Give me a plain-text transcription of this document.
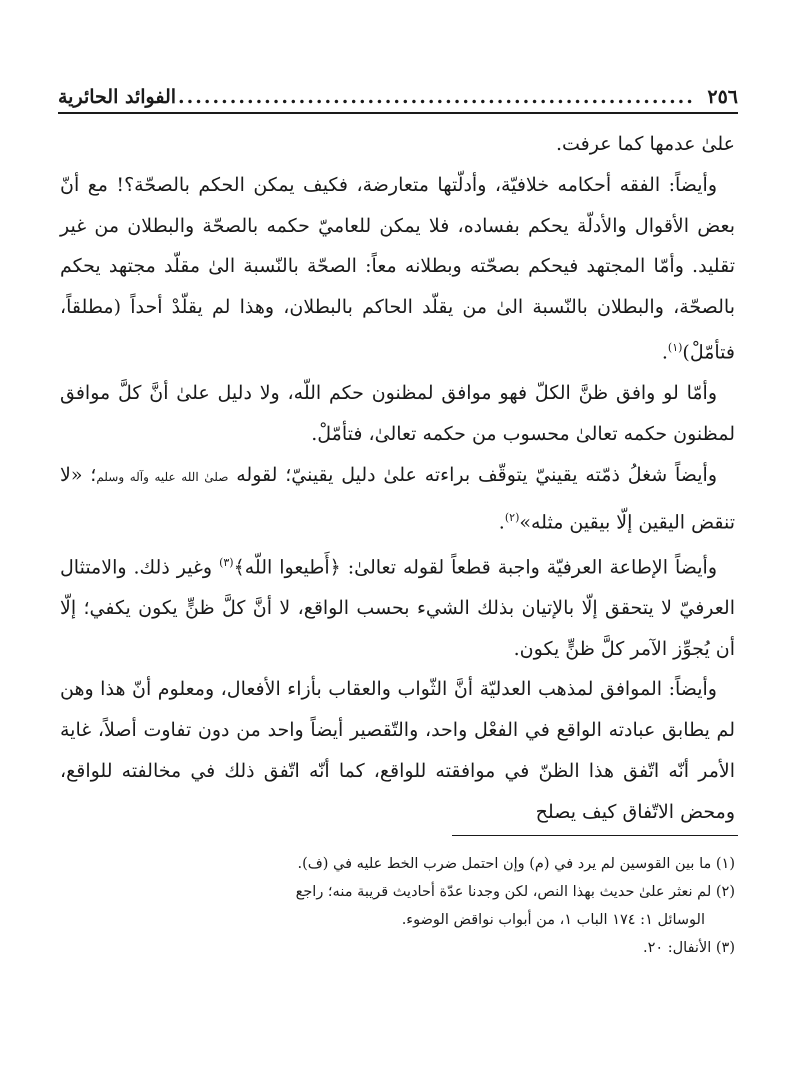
٢٥٦
............................................................
الفوائد الحائرية

علىٰ عدمها كما عرفت.

وأيضاً: الفقه أحكامه خلافيّة، وأدلّتها متعارضة، فكيف يمكن الحكم بالصحّة؟! مع أنّ بعض الأقوال والأدلّة يحكم بفساده، فلا يمكن للعاميّ حكمه بالصحّة والبطلان من غير تقليد. وأمّا المجتهد فيحكم بصحّته وبطلانه معاً: الصحّة بالنّسبة الىٰ مقلّد مجتهد يحكم بالصحّة، والبطلان بالنّسبة الىٰ من يقلّد الحاكم بالبطلان، وهذا لم يقلّدْ أحداً (مطلقاً، فتأمّلْ)$^{(١)}$.

وأمّا لو وافق ظنَّ الكلّ فهو موافق لمظنون حكم اللّه، ولا دليل علىٰ أنَّ كلَّ موافق لمظنون حكمه تعالىٰ محسوب من حكمه تعالىٰ، فتأمّلْ.

وأيضاً شغلُ ذمّته يقينيّ يتوقّف براءته علىٰ دليل يقينيّ؛ لقوله صلىٰ الله عليه وآله وسلم؛ «لا تنقض اليقين إلّا بيقين مثله»$^{(٢)}$.

وأيضاً الإطاعة العرفيّة واجبة قطعاً لقوله تعالىٰ: ﴿أَطيعوا اللّه﴾$^{(٣)}$ وغير ذلك. والامتثال العرفيّ لا يتحقق إلّا بالإتيان بذلك الشيء بحسب الواقع، لا أنَّ كلَّ ظنٍّ يكون يكفي؛ إلّا أن يُجوِّز الآمر كلَّ ظنٍّ يكون.

وأيضاً: الموافق لمذهب العدليّة أنَّ الثّواب والعقاب بأزاء الأفعال، ومعلوم أنّ هذا وهن لم يطابق عبادته الواقع في الفعْل واحد، والتّقصير أيضاً واحد من دون تفاوت أصلاً، غاية الأمر أنّه اتّفق هذا الظنّ في موافقته للواقع، كما أنّه اتّفق ذلك في مخالفته للواقع، ومحض الاتّفاق كيف يصلح

(١) ما بين القوسين لم يرد في (م) وإن احتمل ضرب الخط عليه في (ف).

(٢) لم نعثر علىٰ حديث بهذا النص، لكن وجدنا عدّة أحاديث قريبة منه؛ راجع

الوسائل ١: ١٧٤ الباب ١، من أبواب نواقض الوضوء.

(٣) الأنفال: ٢٠.
